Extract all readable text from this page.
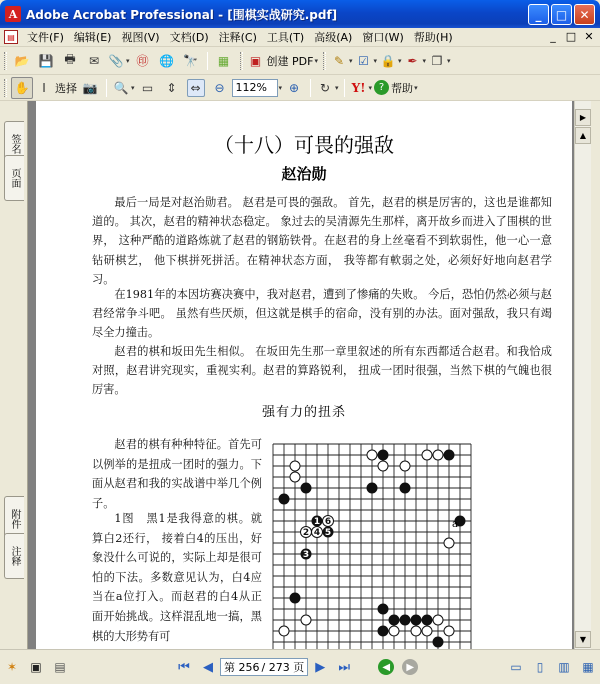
A Adobe Acrobat Professional - [围棋实战研究.pdf]	_	□	✕
▤	文件(F) 编辑(E) 视图(V) 文档(D) 注释(C) 工具(T) 高级(A) 窗口(W) 帮助(H)	_ □ ✕
📂 💾 🖶	✉ 📎 ▾ ㊞ 🌐 🔭 ▦ ▣ 创建 PDF ▾	✎ ▾ ☑ ▾ 🔒 ▾ ✒ ▾ ❐ ▾
✋	I 选择 📷 🔍 ▾ ▭	⇕	⇔	⊖ 112%	▾ ⊕	↻ ▾ Y! ▾ ? 帮助 ▾
签名
页面
附件
注释
（十八）可畏的强敌
赵治勋
最后一局是对赵治勋君。 赵君是可畏的强敌。 首先，赵君的棋是厉害的，这也是谁都知道的。 其次，赵君的精神状态稳定。 象过去的吴清源先生那样，离开故乡而进入了围棋的世界， 这种严酷的道路炼就了赵君的钢筋铁骨。在赵君的身上丝毫看不到软弱性，他一心一意钻研棋艺， 他下棋拼死拼活。在精神状态方面， 我等都有軟弱之处，必须好好地向赵君学习。
在1981年的本因坊赛决赛中，我对赵君，遭到了惨痛的失败。 今后，恐怕仍然必须与赵君经常争斗吧。 虽然有些厌烦，但这就是棋手的宿命，没有别的办法。面对强敌，我只有竭尽全力撞击。
赵君的棋和坂田先生相似。 在坂田先生那一章里叙述的所有东西都适合赵君。和我恰成对照，赵君讲究现实，重视实利。赵君的算路锐利， 扭成一团时很强，当然下棋的气魄也很厉害。
强有力的扭杀
赵君的棋有种种特征。首先可以例举的是扭成一团时的强力。下面从赵君和我的实战谱中举几个例子。
1图　黑1是我得意的棋。就算白2还行， 接着白4的压出，好象没什么可说的，实际上却是很可怕的下法。多数意见认为，白4应当在a位打入。而赵君的白4从正面开始挑战。这样混乱地一搞，黑棋的大形势有可
a
1 6
2 4 5
3
▶
▲
▼
✶	▣ ▤	⏮ ◀ 第 256 / 273 页 ▶ ⏭	◀	▶	▭	▯	▥ ▦
